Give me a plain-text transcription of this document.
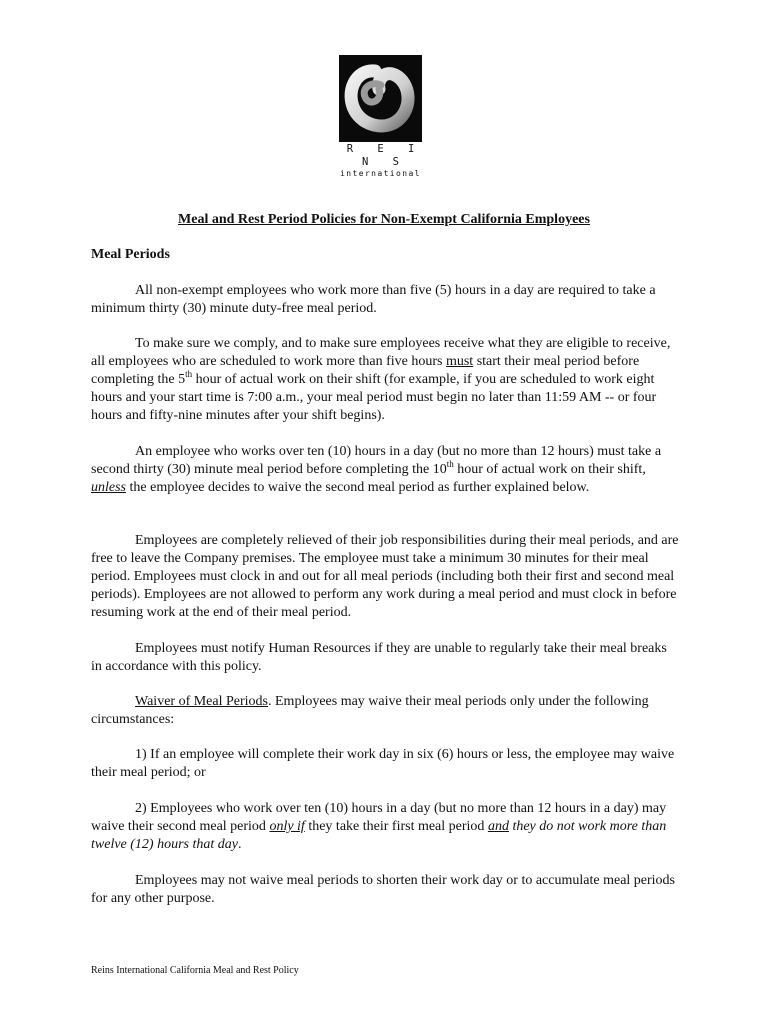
R E I N S
international
Meal and Rest Period Policies for Non-Exempt California Employees
Meal Periods

All non-exempt employees who work more than five (5) hours in a day are required to take a minimum thirty (30) minute duty-free meal period.

To make sure we comply, and to make sure employees receive what they are eligible to receive, all employees who are scheduled to work more than five hours must start their meal period before completing the 5th hour of actual work on their shift (for example, if you are scheduled to work eight hours and your start time is 7:00 a.m., your meal period must begin no later than 11:59 AM -- or four hours and fifty-nine minutes after your shift begins).

An employee who works over ten (10) hours in a day (but no more than 12 hours) must take a second thirty (30) minute meal period before completing the 10th hour of actual work on their shift, unless the employee decides to waive the second meal period as further explained below.

Employees are completely relieved of their job responsibilities during their meal periods, and are free to leave the Company premises. The employee must take a minimum 30 minutes for their meal period. Employees must clock in and out for all meal periods (including both their first and second meal periods). Employees are not allowed to perform any work during a meal period and must clock in before resuming work at the end of their meal period.

Employees must notify Human Resources if they are unable to regularly take their meal breaks in accordance with this policy.

Waiver of Meal Periods. Employees may waive their meal periods only under the following circumstances:

1) If an employee will complete their work day in six (6) hours or less, the employee may waive their meal period; or

2) Employees who work over ten (10) hours in a day (but no more than 12 hours in a day) may waive their second meal period only if they take their first meal period and they do not work more than twelve (12) hours that day.

Employees may not waive meal periods to shorten their work day or to accumulate meal periods for any other purpose.

Reins International California Meal and Rest Policy
